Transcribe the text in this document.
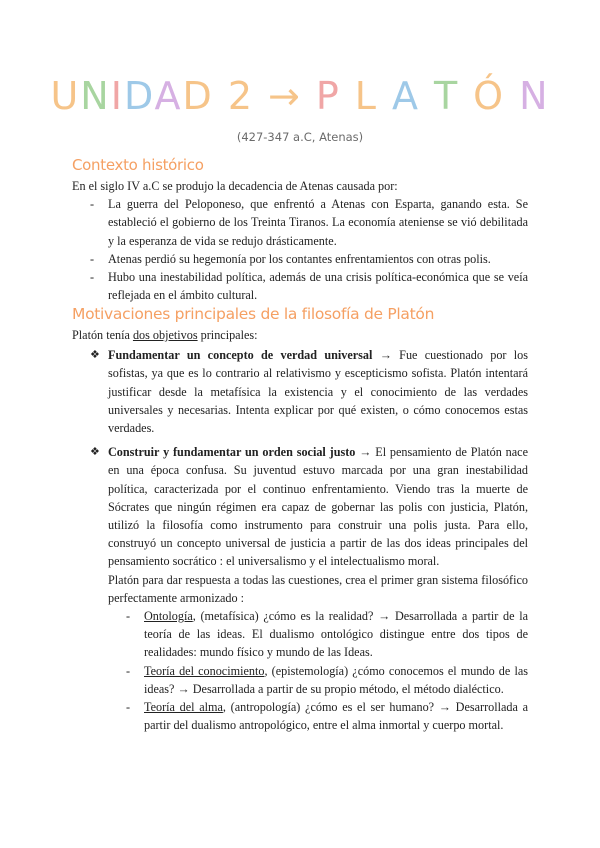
UNIDAD 2 → P L A T Ó N
(427-347 a.C, Atenas)
Contexto histórico
En el siglo IV a.C se produjo la decadencia de Atenas causada por:
- La guerra del Peloponeso, que enfrentó a Atenas con Esparta, ganando esta. Se estableció el gobierno de los Treinta Tiranos. La economía ateniense se vió debilitada y la esperanza de vida se redujo drásticamente.
- Atenas perdió su hegemonía por los contantes enfrentamientos con otras polis.
- Hubo una inestabilidad política, además de una crisis política-económica que se veía reflejada en el ámbito cultural.
Motivaciones principales de la filosofía de Platón
Platón tenía dos objetivos principales:
❖ Fundamentar un concepto de verdad universal → Fue cuestionado por los sofistas, ya que es lo contrario al relativismo y escepticismo sofista. Platón intentará justificar desde la metafísica la existencia y el conocimiento de las verdades universales y necesarias. Intenta explicar por qué existen, o cómo conocemos estas verdades.
❖ Construir y fundamentar un orden social justo → El pensamiento de Platón nace en una época confusa. Su juventud estuvo marcada por una gran inestabilidad política, caracterizada por el continuo enfrentamiento. Viendo tras la muerte de Sócrates que ningún régimen era capaz de gobernar las polis con justicia, Platón, utilizó la filosofía como instrumento para construir una polis justa. Para ello, construyó un concepto universal de justicia a partir de las dos ideas principales del pensamiento socrático : el universalismo y el intelectualismo moral.
Platón para dar respuesta a todas las cuestiones, crea el primer gran sistema filosófico perfectamente armonizado :
- Ontología, (metafísica) ¿cómo es la realidad? → Desarrollada a partir de la teoría de las ideas. El dualismo ontológico distingue entre dos tipos de realidades: mundo físico y mundo de las Ideas.
- Teoría del conocimiento, (epistemología) ¿cómo conocemos el mundo de las ideas? → Desarrollada a partir de su propio método, el método dialéctico.
- Teoría del alma, (antropología) ¿cómo es el ser humano? → Desarrollada a partir del dualismo antropológico, entre el alma inmortal y cuerpo mortal.
